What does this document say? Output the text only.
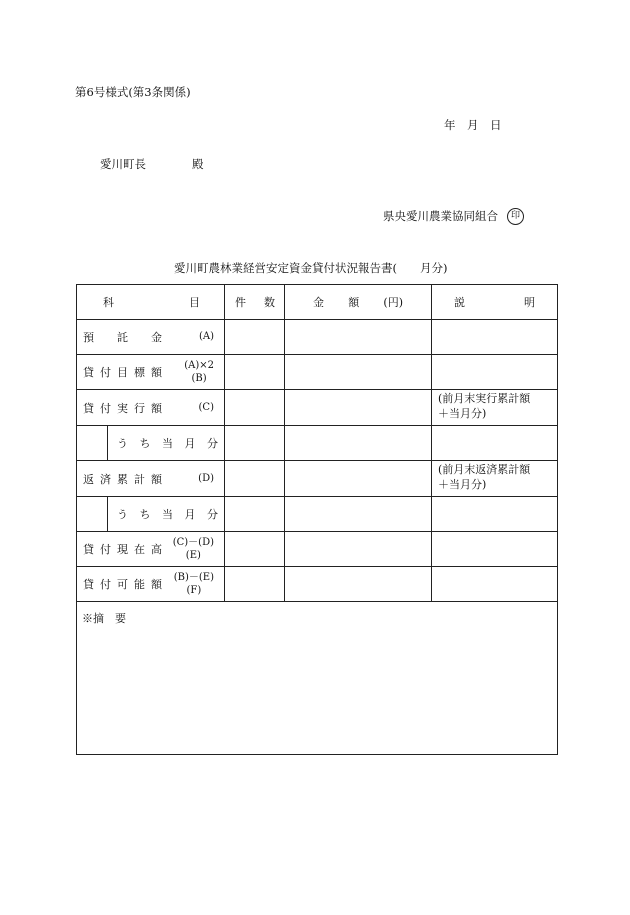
第6号様式(第3条関係)
年　月　日
愛川町長	殿
県央愛川農業協同組合	印
愛川町農林業経営安定資金貸付状況報告書(　　月分)
科 目	件 数	金 額 (円)	説 明

預　託　金 (A)			

貸付目標額
(A)×2
(B)			

貸付実行額 (C)			(前月末実行累計額
＋当月分)

う ち 当 月 分			

返済累計額 (D)			(前月末返済累計額
＋当月分)

う ち 当 月 分			

貸付現在高
(C)－(D)
(E)			

貸付可能額
(B)－(E)
(F)			

※摘　要			
